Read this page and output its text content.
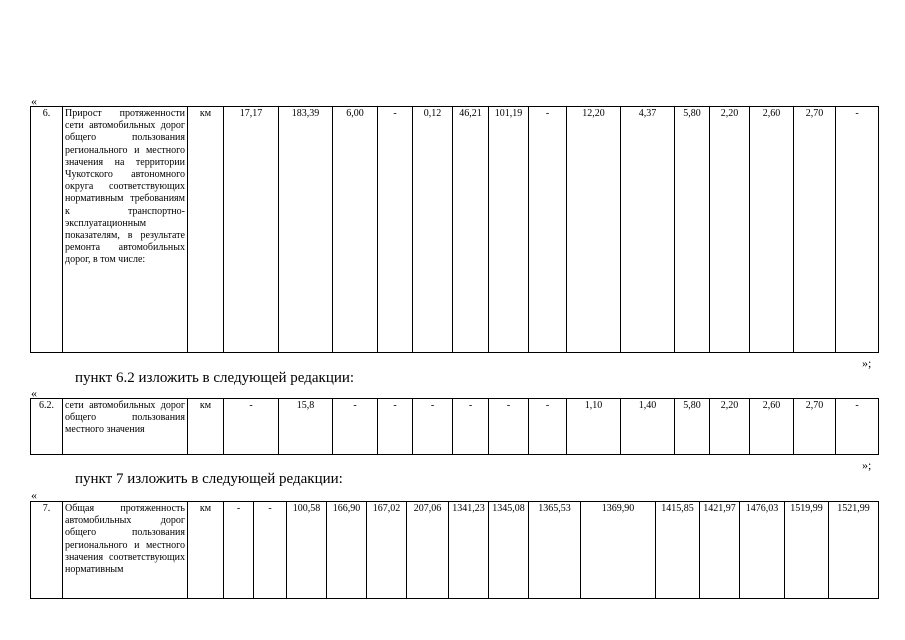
«
6.	Прирост протяженности сети автомобильных дорог общего пользования регионального и местного значения на территории Чукотского автономного округа соответствующих нормативным требованиям к транспортно-эксплуатационным показателям, в результате ремонта автомобильных дорог, в том числе:	км	17,17	183,39	6,00	-	0,12	46,21	101,19	-	12,20	4,37	5,80	2,20	2,60	2,70	-
»;
пункт 6.2 изложить в следующей редакции:
«
6.2.	сети автомобильных дорог общего пользования местного значения	км	-	15,8	-	-	-	-	-	-	1,10	1,40	5,80	2,20	2,60	2,70	-
»;
пункт 7 изложить в следующей редакции:
«
7.	Общая протяженность автомобильных дорог общего пользования регионального и местного значения соответствующих нормативным	км	-	-	100,58	166,90	167,02	207,06	1341,23	1345,08	1365,53	1369,90	1415,85	1421,97	1476,03	1519,99	1521,99
